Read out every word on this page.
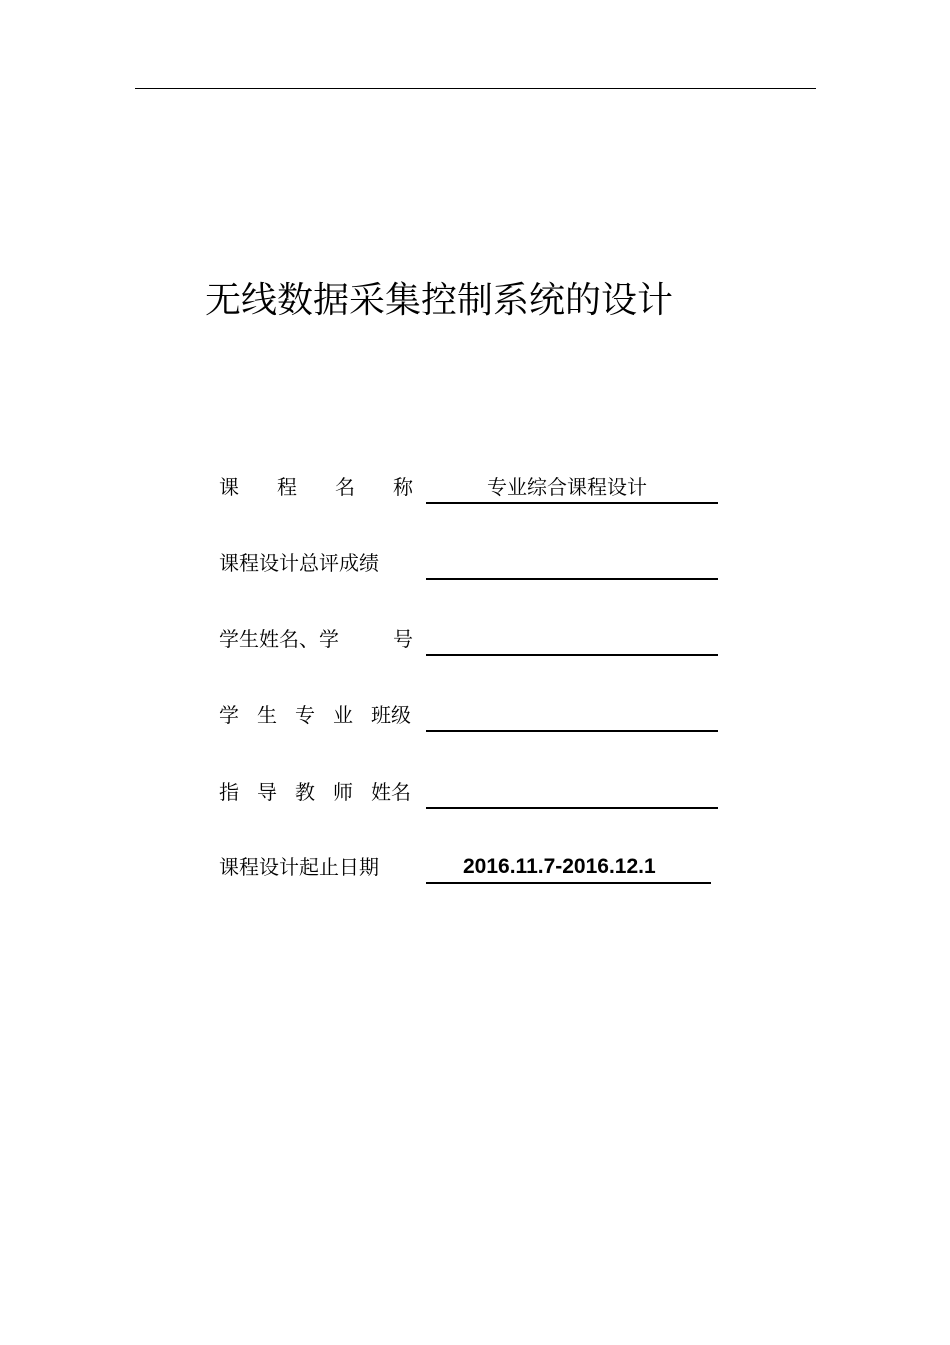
无线数据采集控制系统的设计
课程名称	专业综合课程设计
课程设计总评成绩
学生姓名、学	号
学生专业班级
指导教师姓名
课程设计起止日期	2016.11.7-2016.12.1
